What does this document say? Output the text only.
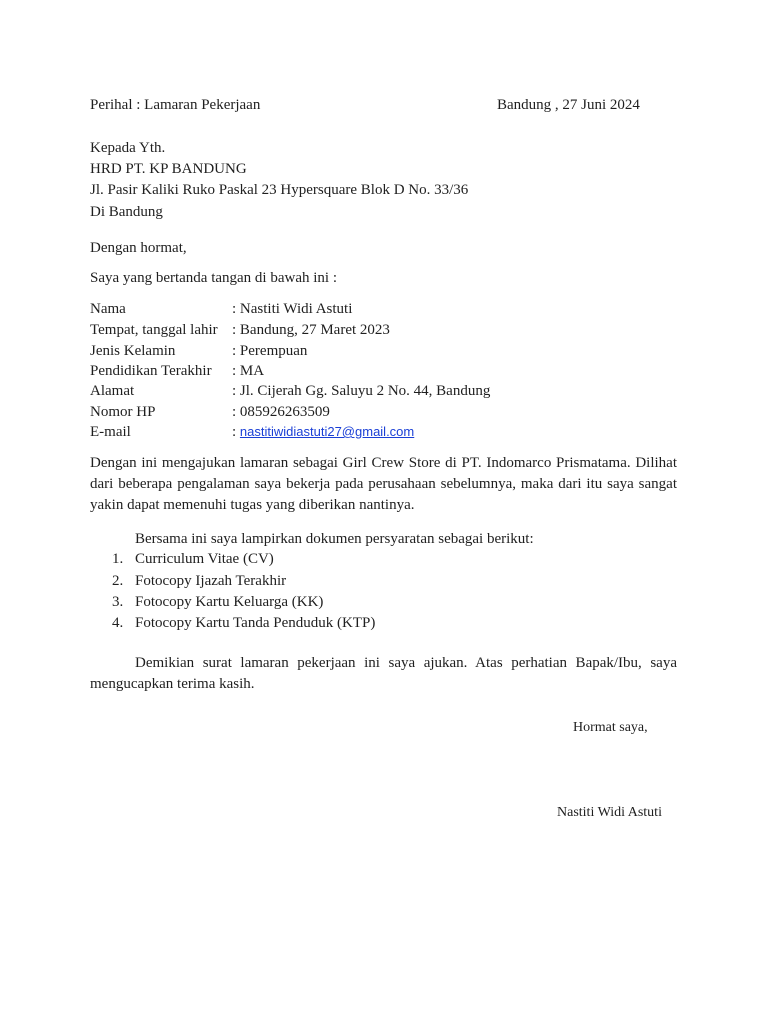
Perihal : Lamaran Pekerjaan	Bandung , 27 Juni 2024
Kepada Yth.
HRD PT. KP BANDUNG
Jl. Pasir Kaliki Ruko Paskal 23 Hypersquare Blok D No. 33/36
Di Bandung
Dengan hormat,
Saya yang bertanda tangan di bawah ini :
Nama	: Nastiti Widi Astuti
Tempat, tanggal lahir : Bandung, 27 Maret 2023
Jenis Kelamin	: Perempuan
Pendidikan Terakhir : MA
Alamat	: Jl. Cijerah Gg. Saluyu 2 No. 44, Bandung
Nomor HP	: 085926263509
E-mail	: nastitiwidiastuti27@gmail.com
Dengan ini mengajukan lamaran sebagai Girl Crew Store di PT. Indomarco Prismatama. Dilihat dari beberapa pengalaman saya bekerja pada perusahaan sebelumnya, maka dari itu saya sangat yakin dapat memenuhi tugas yang diberikan nantinya.
Bersama ini saya lampirkan dokumen persyaratan sebagai berikut:
1. Curriculum Vitae (CV)
2. Fotocopy Ijazah Terakhir
3. Fotocopy Kartu Keluarga (KK)
4. Fotocopy Kartu Tanda Penduduk (KTP)
Demikian surat lamaran pekerjaan ini saya ajukan. Atas perhatian Bapak/Ibu, saya mengucapkan terima kasih.
Hormat saya,
Nastiti Widi Astuti
